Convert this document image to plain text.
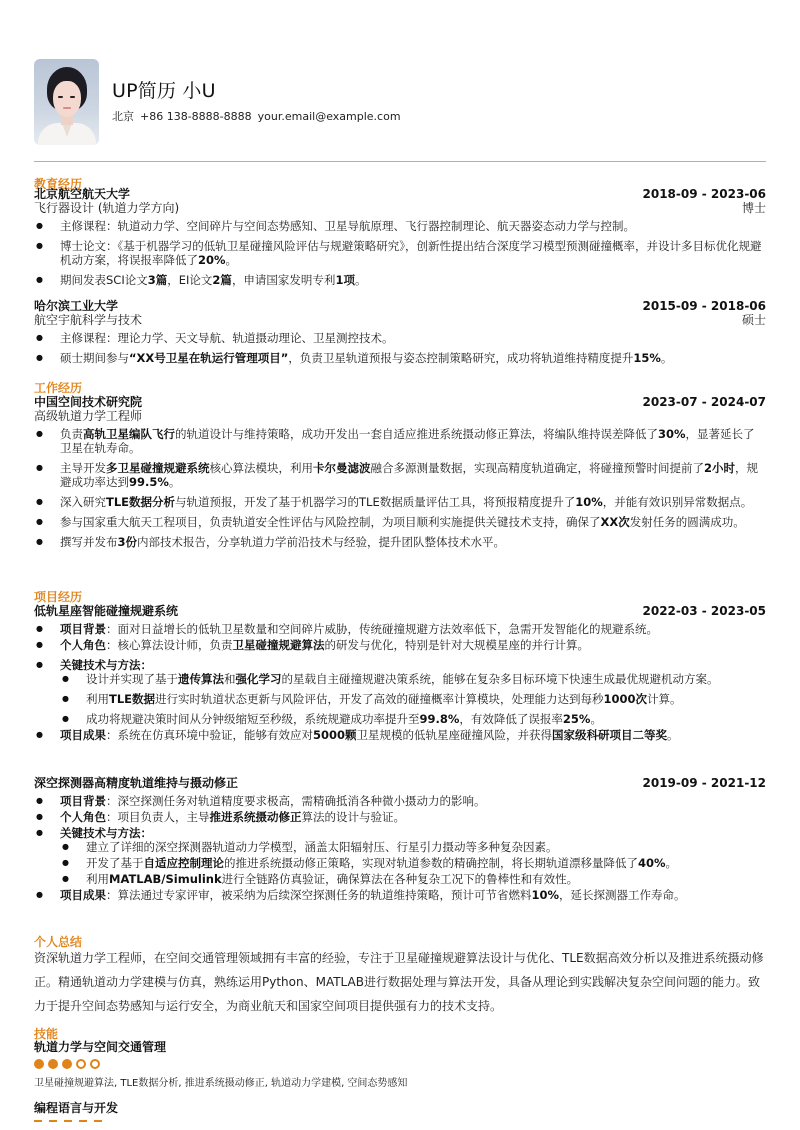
UP简历 小U
北京 +86 138-8888-8888 your.email@example.com
教育经历
北京航空航天大学	2018-09 - 2023-06
飞行器设计 (轨道力学方向)	博士
● 主修课程：轨道动力学、空间碎片与空间态势感知、卫星导航原理、飞行器控制理论、航天器姿态动力学与控制。
● 博士论文：《基于机器学习的低轨卫星碰撞风险评估与规避策略研究》，创新性提出结合深度学习模型预测碰撞概率，并设计多目标优化规避机动方案，将误报率降低了20%。
● 期间发表SCI论文3篇，EI论文2篇，申请国家发明专利1项。
哈尔滨工业大学	2015-09 - 2018-06
航空宇航科学与技术	硕士
● 主修课程：理论力学、天文导航、轨道摄动理论、卫星测控技术。
● 硕士期间参与“XX号卫星在轨运行管理项目”，负责卫星轨道预报与姿态控制策略研究，成功将轨道维持精度提升15%。
工作经历
中国空间技术研究院	2023-07 - 2024-07
高级轨道力学工程师
● 负责高轨卫星编队飞行的轨道设计与维持策略，成功开发出一套自适应推进系统摄动修正算法，将编队维持误差降低了30%，显著延长了卫星在轨寿命。
● 主导开发多卫星碰撞规避系统核心算法模块，利用卡尔曼滤波融合多源测量数据，实现高精度轨道确定，将碰撞预警时间提前了2小时，规避成功率达到99.5%。
● 深入研究TLE数据分析与轨道预报，开发了基于机器学习的TLE数据质量评估工具，将预报精度提升了10%，并能有效识别异常数据点。
● 参与国家重大航天工程项目，负责轨道安全性评估与风险控制，为项目顺利实施提供关键技术支持，确保了XX次发射任务的圆满成功。
● 撰写并发布3份内部技术报告，分享轨道力学前沿技术与经验，提升团队整体技术水平。
项目经历
低轨星座智能碰撞规避系统	2022-03 - 2023-05
● 项目背景：面对日益增长的低轨卫星数量和空间碎片威胁，传统碰撞规避方法效率低下，急需开发智能化的规避系统。
● 个人角色：核心算法设计师，负责卫星碰撞规避算法的研发与优化，特别是针对大规模星座的并行计算。
● 关键技术与方法：
● 设计并实现了基于遗传算法和强化学习的星载自主碰撞规避决策系统，能够在复杂多目标环境下快速生成最优规避机动方案。
● 利用TLE数据进行实时轨道状态更新与风险评估，开发了高效的碰撞概率计算模块，处理能力达到每秒1000次计算。
● 成功将规避决策时间从分钟级缩短至秒级，系统规避成功率提升至99.8%，有效降低了误报率25%。
● 项目成果：系统在仿真环境中验证，能够有效应对5000颗卫星规模的低轨星座碰撞风险，并获得国家级科研项目二等奖。
深空探测器高精度轨道维持与摄动修正	2019-09 - 2021-12
● 项目背景：深空探测任务对轨道精度要求极高，需精确抵消各种微小摄动力的影响。
● 个人角色：项目负责人，主导推进系统摄动修正算法的设计与验证。
● 关键技术与方法：
● 建立了详细的深空探测器轨道动力学模型，涵盖太阳辐射压、行星引力摄动等多种复杂因素。
● 开发了基于自适应控制理论的推进系统摄动修正策略，实现对轨道参数的精确控制，将长期轨道漂移量降低了40%。
● 利用MATLAB/Simulink进行全链路仿真验证，确保算法在各种复杂工况下的鲁棒性和有效性。
● 项目成果：算法通过专家评审，被采纳为后续深空探测任务的轨道维持策略，预计可节省燃料10%，延长探测器工作寿命。
个人总结
资深轨道力学工程师，在空间交通管理领域拥有丰富的经验，专注于卫星碰撞规避算法设计与优化、TLE数据高效分析以及推进系统摄动修正。精通轨道动力学建模与仿真，熟练运用Python、MATLAB进行数据处理与算法开发，具备从理论到实践解决复杂空间问题的能力。致力于提升空间态势感知与运行安全，为商业航天和国家空间项目提供强有力的技术支持。
技能
轨道力学与空间交通管理
卫星碰撞规避算法, TLE数据分析, 推进系统摄动修正, 轨道动力学建模, 空间态势感知
编程语言与开发
